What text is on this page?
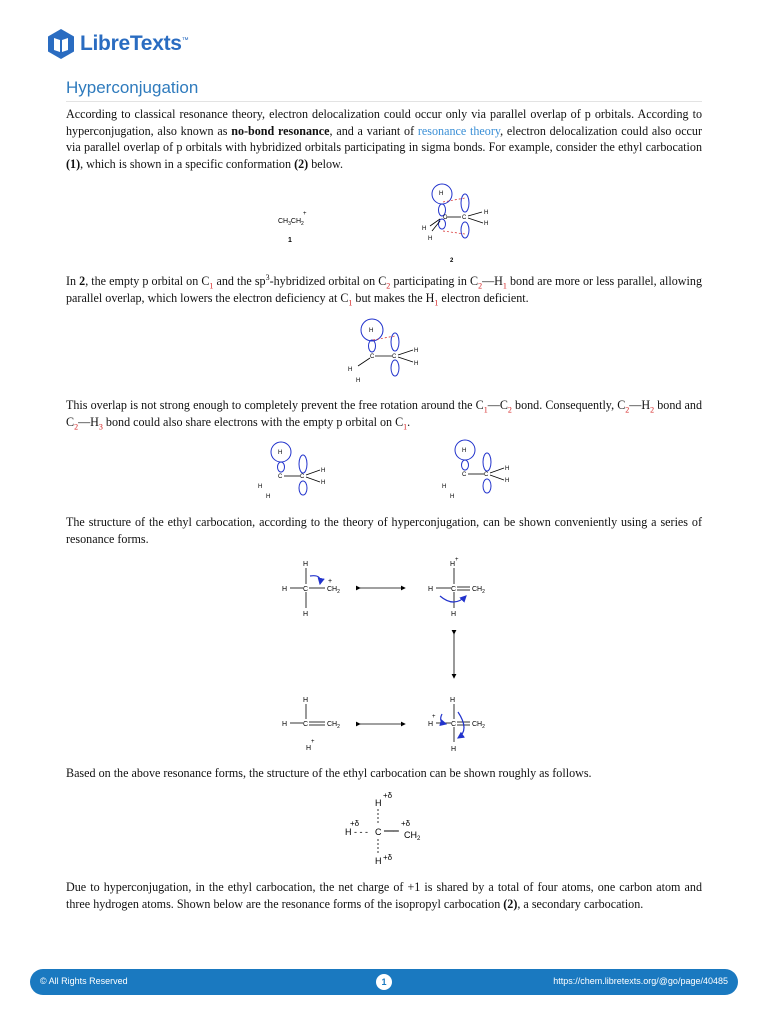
LibreTexts ™
Hyperconjugation

According to classical resonance theory, electron delocalization could occur only via parallel overlap of p orbitals. According to hyperconjugation, also known as no-bond resonance, and a variant of resonance theory, electron delocalization could also occur via parallel overlap of p orbitals with hybridized orbitals participating in sigma bonds. For example, consider the ethyl carbocation (1), which is shown in a specific conformation (2) below.

$CH_3CH_2$
+
1
H
C C
H
H
H
H
2

In 2, the empty p orbital on $C_1$ and the $sp^3$-hybridized orbital on $C_2$ participating in $C_2—H_1$ bond are more or less parallel, allowing parallel overlap, which lowers the electron deficiency at $C_1$ but makes the $H_1$ electron deficient.

H
C	C
H
H
H
H

This overlap is not strong enough to completely prevent the free rotation around the $C_1—C_2$ bond. Consequently, $C_2—H_2$ bond and $C_2—H_3$ bond could also share electrons with the empty p orbital on $C_1$.

H
C	C
H
H
H
H
H
C	C
H
H
H
H

The structure of the ethyl carbocation, according to the theory of hyperconjugation, can be shown conveniently using a series of resonance forms.

H
H C	$CH_2$
+
H
H
+
H	C $CH_2$
H
H
H C	$CH_2$
H
+
H
H
+
C $CH_2$
H

Based on the above resonance forms, the structure of the ethyl carbocation can be shown roughly as follows.

+δ
H
+δ
H - - - C ═══
+δ
$CH_2$
H +δ

Due to hyperconjugation, in the ethyl carbocation, the net charge of +1 is shared by a total of four atoms, one carbon atom and three hydrogen atoms. Shown below are the resonance forms of the isopropyl carbocation (2), a secondary carbocation.

© All Rights Reserved	1	https://chem.libretexts.org/@go/page/40485
